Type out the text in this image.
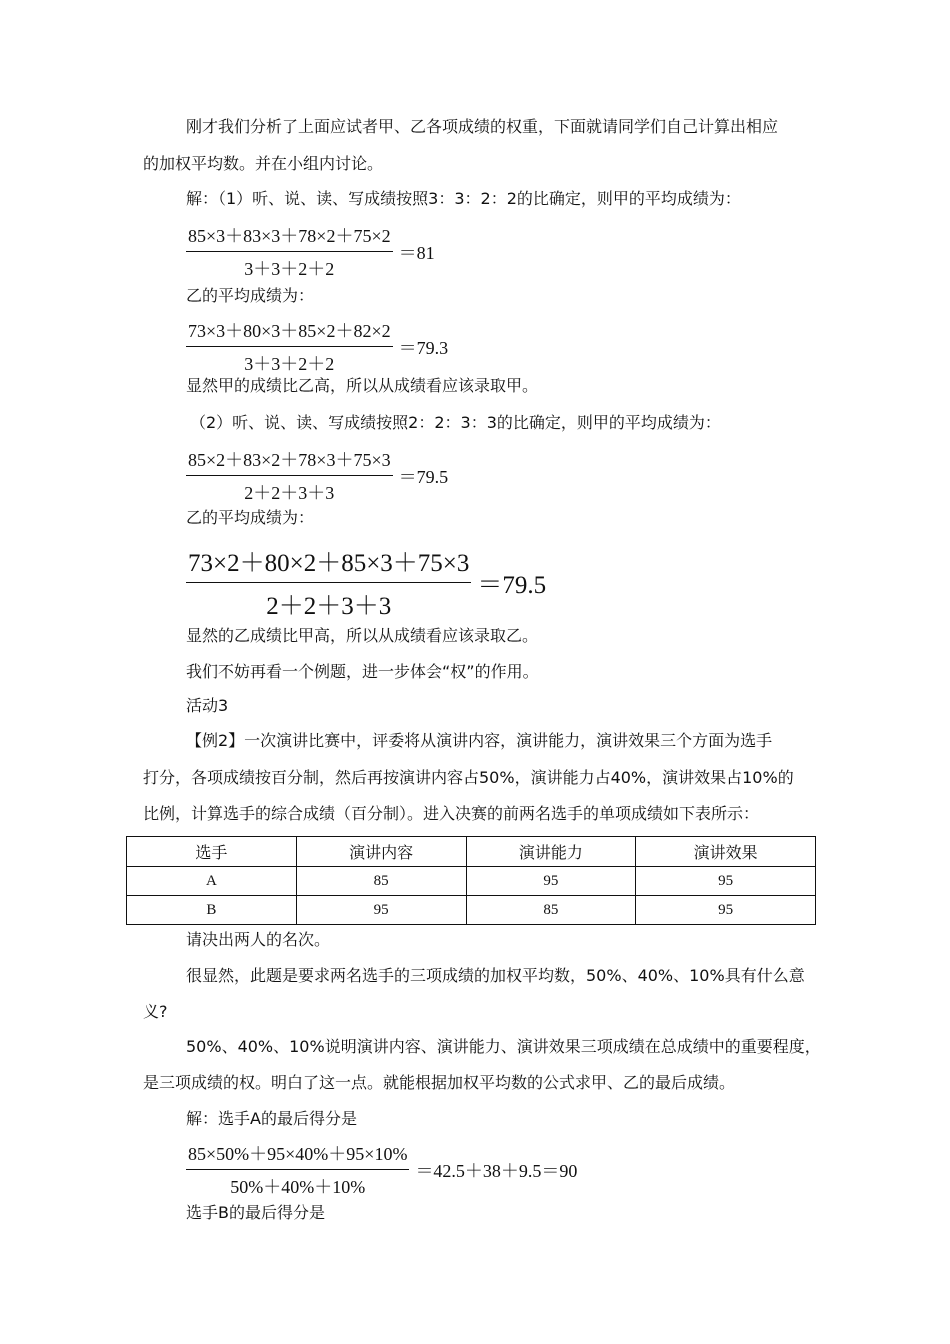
刚才我们分析了上面应试者甲、乙各项成绩的权重，下面就请同学们自己计算出相应
的加权平均数。并在小组内讨论。
解：（1）听、说、读、写成绩按照3：3：2：2的比确定，则甲的平均成绩为：
$\frac{85\times 3+83\times 3+78\times 2+75\times 2}{3+3+2+2} =81$
乙的平均成绩为：
$\frac{73\times 3+80\times 3+85\times 2+82\times 2}{3+3+2+2} =79.3$
显然甲的成绩比乙高，所以从成绩看应该录取甲。
（2）听、说、读、写成绩按照2：2：3：3的比确定，则甲的平均成绩为：
$\frac{85\times 2+83\times 2+78\times 3+75\times 3}{2+2+3+3} =79.5$
乙的平均成绩为：
$\frac{73\times 2+80\times 2+85\times 3+75\times 3}{2+2+3+3} =79.5$
显然的乙成绩比甲高，所以从成绩看应该录取乙。
我们不妨再看一个例题，进一步体会“权”的作用。
活动3
【例2】一次演讲比赛中，评委将从演讲内容，演讲能力，演讲效果三个方面为选手
打分，各项成绩按百分制，然后再按演讲内容占50%，演讲能力占40%，演讲效果占10%的
比例，计算选手的综合成绩（百分制）。进入决赛的前两名选手的单项成绩如下表所示：
选手	演讲内容	演讲能力	演讲效果
A	85	95	95
B	95	85	95
请决出两人的名次。
很显然，此题是要求两名选手的三项成绩的加权平均数，50%、40%、10%具有什么意
义?
50%、40%、10%说明演讲内容、演讲能力、演讲效果三项成绩在总成绩中的重要程度，
是三项成绩的权。明白了这一点。就能根据加权平均数的公式求甲、乙的最后成绩。
解：选手A的最后得分是
$\frac{85\times 50\%+95\times 40\%+95\times 10\%}{50\%+40\%+10\%} =42.5+38+9.5=90$
选手B的最后得分是
